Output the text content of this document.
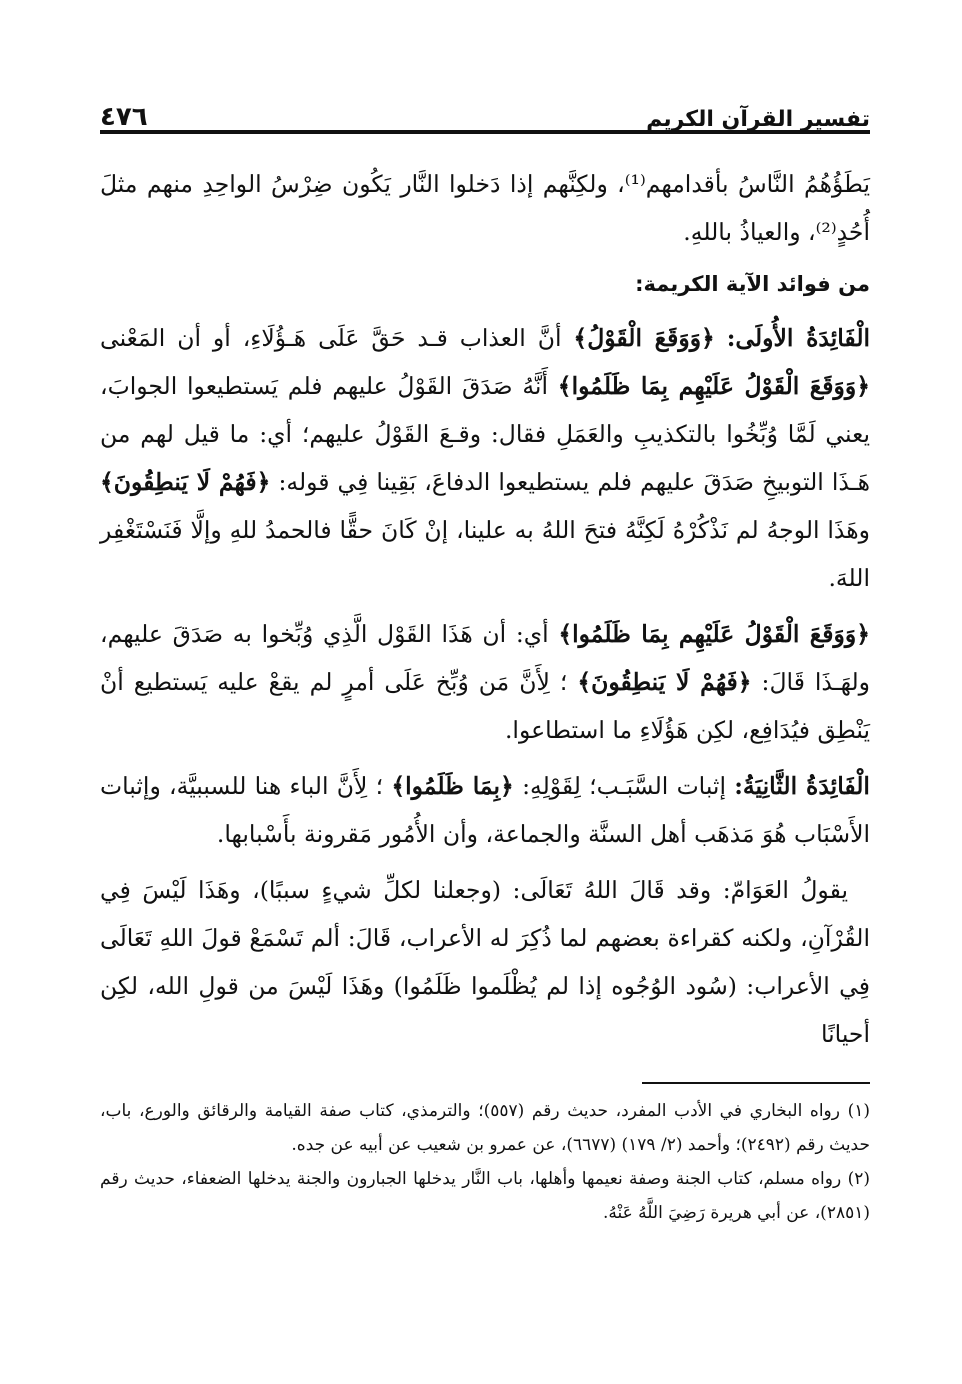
تفسير القرآن الكريم
٤٧٦

يَطَؤُهُمُ النَّاسُ بأقدامهم⁽¹⁾، ولكِنَّهم إذا دَخلوا النَّار يَكُون ضِرْسُ الواحِدِ منهم مثلَ أُحُدٍ⁽²⁾، والعياذُ باللهِ.

من فوائد الآية الكريمة:

الْفَائِدَةُ الأُولَى: ﴿وَوَقَعَ الْقَوْلُ﴾ أنَّ العذاب قـد حَقَّ عَلَى هَـؤُلَاءِ، أو أن المَعْنى ﴿وَوَقَعَ الْقَوْلُ عَلَيْهِم بِمَا ظَلَمُوا﴾ أَنَّهُ صَدَقَ القَوْلُ عليهم فلم يَستطيعوا الجوابَ، يعني لَمَّا وُبِّخُوا بالتكذيبِ والعَمَلِ فقال: وقـعَ القَوْلُ عليهم؛ أي: ما قيل لهم من هَـذَا التوبيخِ صَدَقَ عليهم فلم يستطيعوا الدفاعَ، بَقِينا فِي قوله: ﴿فَهُمْ لَا يَنطِقُونَ﴾ وهَذَا الوجهُ لم نَذْكُرْهُ لَكِنَّهُ فتحَ اللهُ به علينا، إنْ كَانَ حقًّا فالحمدُ للهِ وإلَّا فَنَسْتَغْفِر اللهَ.

﴿وَوَقَعَ الْقَوْلُ عَلَيْهِم بِمَا ظَلَمُوا﴾ أي: أن هَذَا القَوْل الَّذِي وُبِّخوا به صَدَقَ عليهم، ولهَـذَا قَالَ: ﴿فَهُمْ لَا يَنطِقُونَ﴾ ؛ لِأَنَّ مَن وُبِّخ عَلَى أمرٍ لم يقعْ عليه يَستطيع أنْ يَنْطِق فيُدَافِع، لكِن هَؤُلَاءِ ما استطاعوا.

الْفَائِدَةُ الثَّانِيَةُ: إثبات السَّبَـب؛ لِقَوْلِهِ: ﴿بِمَا ظَلَمُوا﴾ ؛ لِأَنَّ الباء هنا للسببيَّة، وإثبات الأَسْبَاب هُوَ مَذهَب أهل السنَّة والجماعة، وأن الأُمُور مَقرونة بأَسْبابها.

يقولُ العَوَامّ: وقد قَالَ اللهُ تَعَالَى: (وجعلنا لكلِّ شيءٍ سببًا)، وهَذَا لَيْسَ فِي القُرْآنِ، ولكنه كقراءة بعضهم لما ذُكِرَ له الأعراب، قَالَ: ألم تَسْمَعْ قولَ اللهِ تَعَالَى فِي الأعراب: (سُود الوُجُوه إذا لم يُظْلَموا ظَلَمُوا) وهَذَا لَيْسَ من قولِ الله، لكِن أحيانًا

(١) رواه البخاري في الأدب المفرد، حديث رقم (٥٥٧)؛ والترمذي، كتاب صفة القيامة والرقائق والورع، باب، حديث رقم (٢٤٩٢)؛ وأحمد (٢/ ١٧٩) (٦٦٧٧)، عن عمرو بن شعيب عن أبيه عن جده.

(٢) رواه مسلم، كتاب الجنة وصفة نعيمها وأهلها، باب النَّار يدخلها الجبارون والجنة يدخلها الضعفاء، حديث رقم (٢٨٥١)، عن أبي هريرة رَضِيَ اللَّهُ عَنْهُ.
